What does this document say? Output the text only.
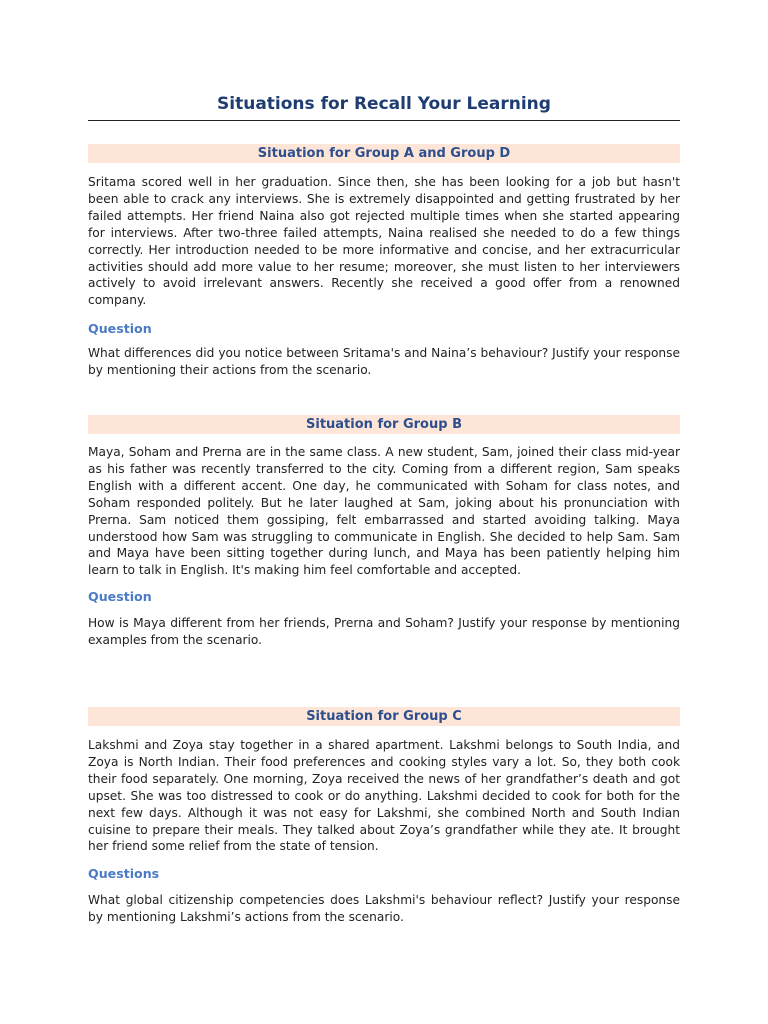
Situations for Recall Your Learning
Situation for Group A and Group D

Sritama scored well in her graduation. Since then, she has been looking for a job but hasn't been able to crack any interviews. She is extremely disappointed and getting frustrated by her failed attempts. Her friend Naina also got rejected multiple times when she started appearing for interviews. After two-three failed attempts, Naina realised she needed to do a few things correctly. Her introduction needed to be more informative and concise, and her extracurricular activities should add more value to her resume; moreover, she must listen to her interviewers actively to avoid irrelevant answers. Recently she received a good offer from a renowned company.

Question

What differences did you notice between Sritama's and Naina’s behaviour? Justify your response by mentioning their actions from the scenario.

Situation for Group B

Maya, Soham and Prerna are in the same class. A new student, Sam, joined their class mid-year as his father was recently transferred to the city. Coming from a different region, Sam speaks English with a different accent. One day, he communicated with Soham for class notes, and Soham responded politely. But he later laughed at Sam, joking about his pronunciation with Prerna. Sam noticed them gossiping, felt embarrassed and started avoiding talking. Maya understood how Sam was struggling to communicate in English. She decided to help Sam. Sam and Maya have been sitting together during lunch, and Maya has been patiently helping him learn to talk in English. It's making him feel comfortable and accepted.

Question

How is Maya different from her friends, Prerna and Soham? Justify your response by mentioning examples from the scenario.

Situation for Group C

Lakshmi and Zoya stay together in a shared apartment. Lakshmi belongs to South India, and Zoya is North Indian. Their food preferences and cooking styles vary a lot. So, they both cook their food separately. One morning, Zoya received the news of her grandfather’s death and got upset. She was too distressed to cook or do anything. Lakshmi decided to cook for both for the next few days. Although it was not easy for Lakshmi, she combined North and South Indian cuisine to prepare their meals. They talked about Zoya’s grandfather while they ate. It brought her friend some relief from the state of tension.

Questions

What global citizenship competencies does Lakshmi's behaviour reflect? Justify your response by mentioning Lakshmi’s actions from the scenario.
